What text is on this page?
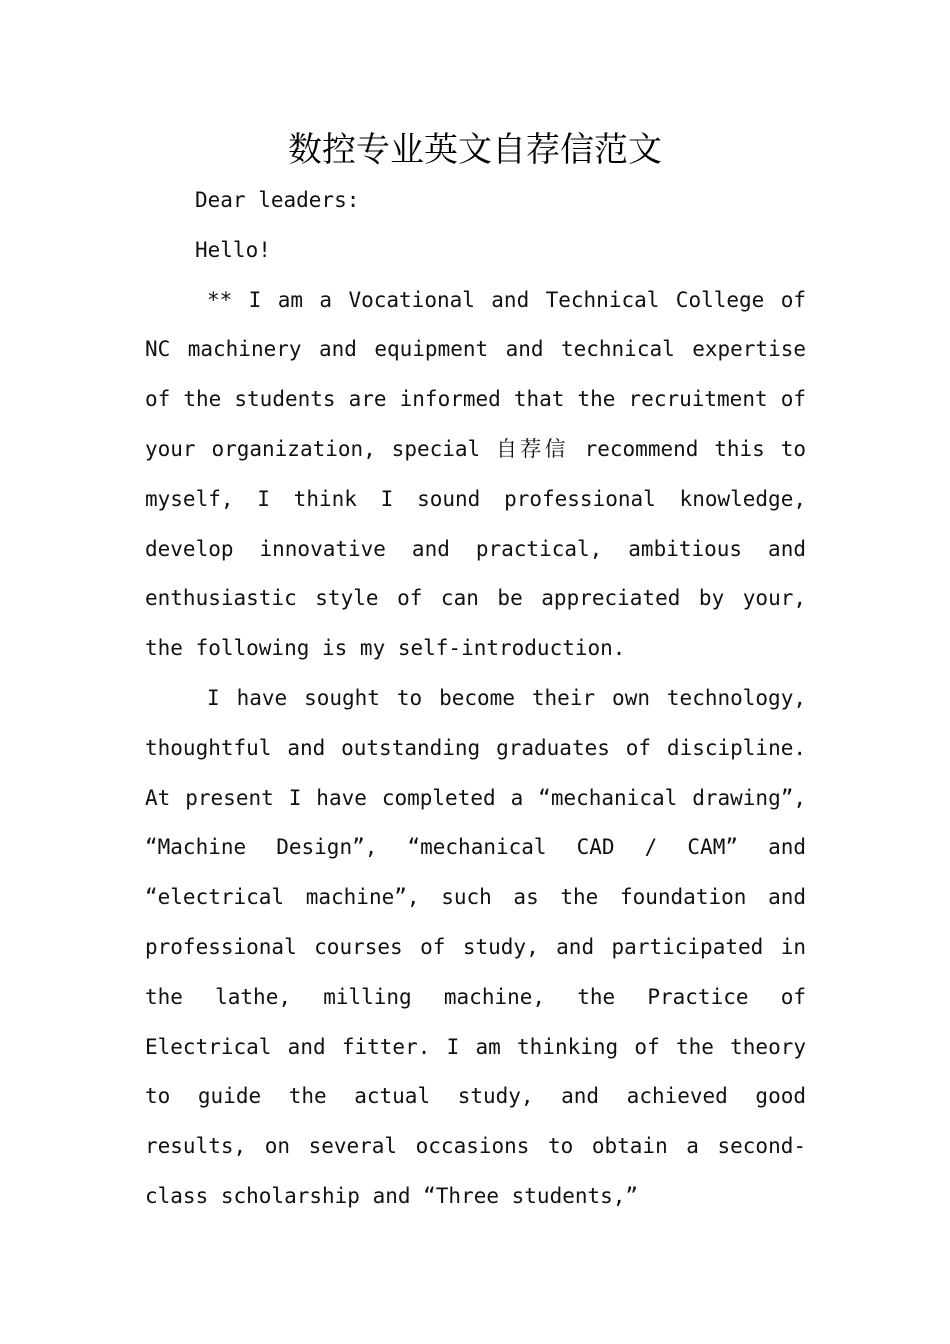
数控专业英文自荐信范文

Dear leaders:

Hello!

** I am a Vocational and Technical College of NC machinery and equipment and technical expertise of the students are informed that the recruitment of your organization, special 自荐信 recommend this to myself, I think I sound professional knowledge, develop innovative and practical, ambitious and enthusiastic style of can be appreciated by your, the following is my self-introduction.

I have sought to become their own technology, thoughtful and outstanding graduates of discipline. At present I have completed a “mechanical drawing”, “Machine Design”, “mechanical CAD / CAM” and “electrical machine”, such as the foundation and professional courses of study, and participated in the lathe, milling machine, the Practice of Electrical and fitter. I am thinking of the theory to guide the actual study, and achieved good results, on several occasions to obtain a second-class scholarship and “Three students,”
